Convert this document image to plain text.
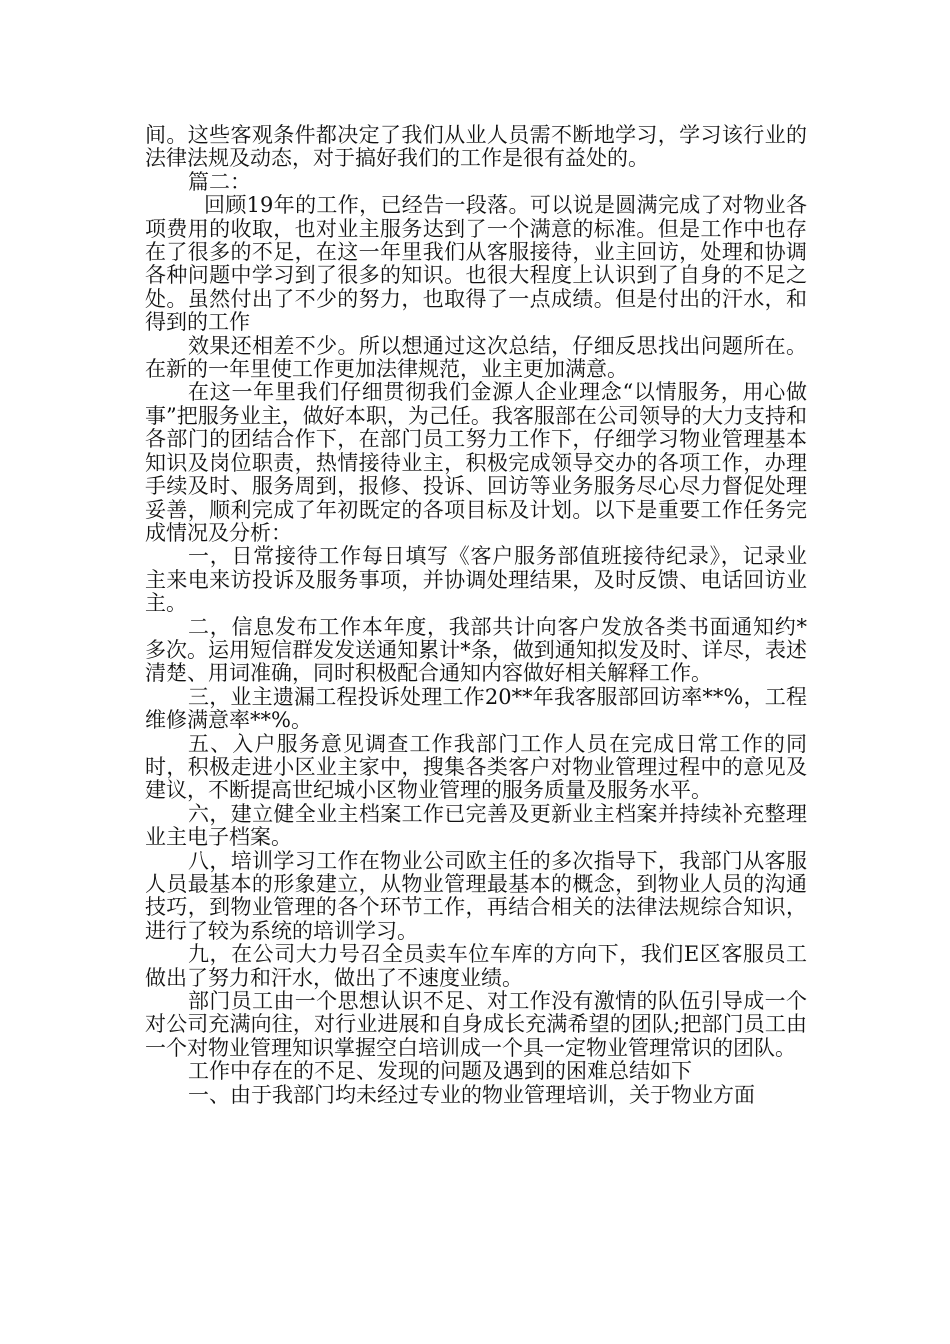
间。这些客观条件都决定了我们从业人员需不断地学习，学习该行业的法律法规及动态，对于搞好我们的工作是很有益处的。

篇二：

回顾19年的工作，已经告一段落。可以说是圆满完成了对物业各项费用的收取，也对业主服务达到了一个满意的标准。但是工作中也存在了很多的不足，在这一年里我们从客服接待，业主回访，处理和协调各种问题中学习到了很多的知识。也很大程度上认识到了自身的不足之处。虽然付出了不少的努力，也取得了一点成绩。但是付出的汗水，和得到的工作

效果还相差不少。所以想通过这次总结，仔细反思找出问题所在。在新的一年里使工作更加法律规范，业主更加满意。

在这一年里我们仔细贯彻我们金源人企业理念“以情服务，用心做事”把服务业主，做好本职，为己任。我客服部在公司领导的大力支持和各部门的团结合作下，在部门员工努力工作下，仔细学习物业管理基本知识及岗位职责，热情接待业主，积极完成领导交办的各项工作，办理手续及时、服务周到，报修、投诉、回访等业务服务尽心尽力督促处理妥善，顺利完成了年初既定的各项目标及计划。以下是重要工作任务完成情况及分析：

一，日常接待工作每日填写《客户服务部值班接待纪录》，记录业主来电来访投诉及服务事项，并协调处理结果，及时反馈、电话回访业主。

二，信息发布工作本年度，我部共计向客户发放各类书面通知约*多次。运用短信群发发送通知累计*条，做到通知拟发及时、详尽，表述清楚、用词准确，同时积极配合通知内容做好相关解释工作。

三，业主遗漏工程投诉处理工作20**年我客服部回访率**%，工程维修满意率**%。

五、入户服务意见调查工作我部门工作人员在完成日常工作的同时，积极走进小区业主家中，搜集各类客户对物业管理过程中的意见及建议，不断提高世纪城小区物业管理的服务质量及服务水平。

六，建立健全业主档案工作已完善及更新业主档案并持续补充整理业主电子档案。

八，培训学习工作在物业公司欧主任的多次指导下，我部门从客服人员最基本的形象建立，从物业管理最基本的概念，到物业人员的沟通技巧，到物业管理的各个环节工作，再结合相关的法律法规综合知识，进行了较为系统的培训学习。

九，在公司大力号召全员卖车位车库的方向下，我们E区客服员工做出了努力和汗水，做出了不速度业绩。

部门员工由一个思想认识不足、对工作没有激情的队伍引导成一个对公司充满向往，对行业进展和自身成长充满希望的团队;把部门员工由一个对物业管理知识掌握空白培训成一个具一定物业管理常识的团队。

工作中存在的不足、发现的问题及遇到的困难总结如下

一、由于我部门均未经过专业的物业管理培训，关于物业方面
